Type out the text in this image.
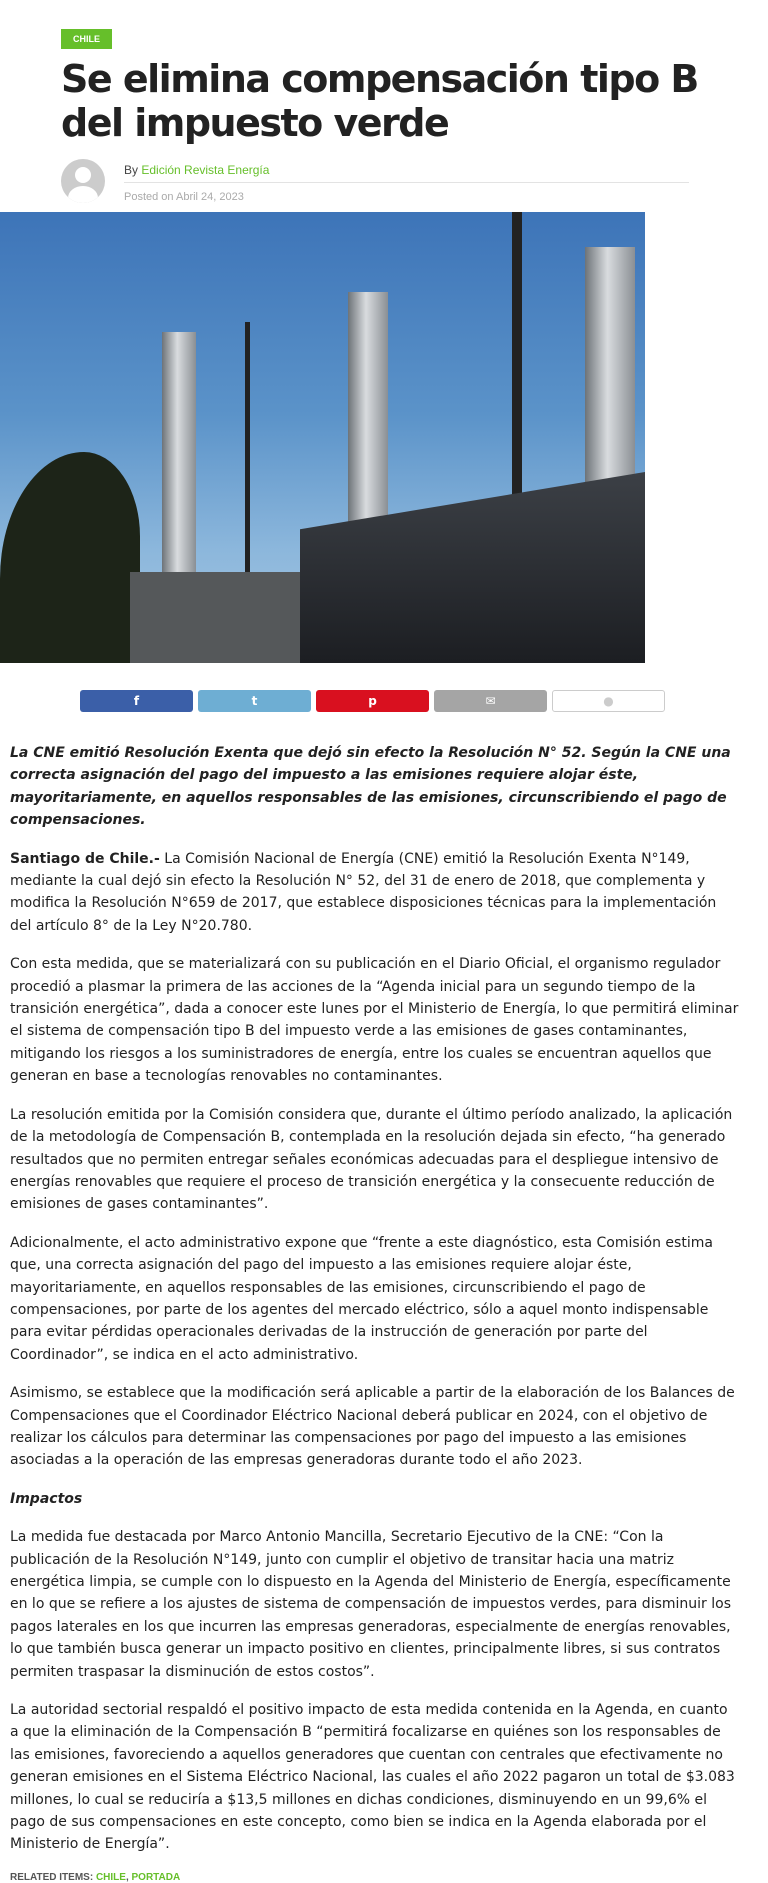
CHILE
Se elimina compensación tipo B del impuesto verde
By Edición Revista Energía
Posted on Abril 24, 2023
f	t	p	✉	●

La CNE emitió Resolución Exenta que dejó sin efecto la Resolución N° 52. Según la CNE una correcta asignación del pago del impuesto a las emisiones requiere alojar éste, mayoritariamente, en aquellos responsables de las emisiones, circunscribiendo el pago de compensaciones.

Santiago de Chile.- La Comisión Nacional de Energía (CNE) emitió la Resolución Exenta N°149, mediante la cual dejó sin efecto la Resolución N° 52, del 31 de enero de 2018, que complementa y modifica la Resolución N°659 de 2017, que establece disposiciones técnicas para la implementación del artículo 8° de la Ley N°20.780.

Con esta medida, que se materializará con su publicación en el Diario Oficial, el organismo regulador procedió a plasmar la primera de las acciones de la “Agenda inicial para un segundo tiempo de la transición energética”, dada a conocer este lunes por el Ministerio de Energía, lo que permitirá eliminar el sistema de compensación tipo B del impuesto verde a las emisiones de gases contaminantes, mitigando los riesgos a los suministradores de energía, entre los cuales se encuentran aquellos que generan en base a tecnologías renovables no contaminantes.

La resolución emitida por la Comisión considera que, durante el último período analizado, la aplicación de la metodología de Compensación B, contemplada en la resolución dejada sin efecto, “ha generado resultados que no permiten entregar señales económicas adecuadas para el despliegue intensivo de energías renovables que requiere el proceso de transición energética y la consecuente reducción de emisiones de gases contaminantes”.

Adicionalmente, el acto administrativo expone que “frente a este diagnóstico, esta Comisión estima que, una correcta asignación del pago del impuesto a las emisiones requiere alojar éste, mayoritariamente, en aquellos responsables de las emisiones, circunscribiendo el pago de compensaciones, por parte de los agentes del mercado eléctrico, sólo a aquel monto indispensable para evitar pérdidas operacionales derivadas de la instrucción de generación por parte del Coordinador”, se indica en el acto administrativo.

Asimismo, se establece que la modificación será aplicable a partir de la elaboración de los Balances de Compensaciones que el Coordinador Eléctrico Nacional deberá publicar en 2024, con el objetivo de realizar los cálculos para determinar las compensaciones por pago del impuesto a las emisiones asociadas a la operación de las empresas generadoras durante todo el año 2023.

Impactos

La medida fue destacada por Marco Antonio Mancilla, Secretario Ejecutivo de la CNE: “Con la publicación de la Resolución N°149, junto con cumplir el objetivo de transitar hacia una matriz energética limpia, se cumple con lo dispuesto en la Agenda del Ministerio de Energía, específicamente en lo que se refiere a los ajustes de sistema de compensación de impuestos verdes, para disminuir los pagos laterales en los que incurren las empresas generadoras, especialmente de energías renovables, lo que también busca generar un impacto positivo en clientes, principalmente libres, si sus contratos permiten traspasar la disminución de estos costos”.

La autoridad sectorial respaldó el positivo impacto de esta medida contenida en la Agenda, en cuanto a que la eliminación de la Compensación B “permitirá focalizarse en quiénes son los responsables de las emisiones, favoreciendo a aquellos generadores que cuentan con centrales que efectivamente no generan emisiones en el Sistema Eléctrico Nacional, las cuales el año 2022 pagaron un total de $3.083 millones, lo cual se reduciría a $13,5 millones en dichas condiciones, disminuyendo en un 99,6% el pago de sus compensaciones en este concepto, como bien se indica en la Agenda elaborada por el Ministerio de Energía”.

RELATED ITEMS: CHILE, PORTADA
